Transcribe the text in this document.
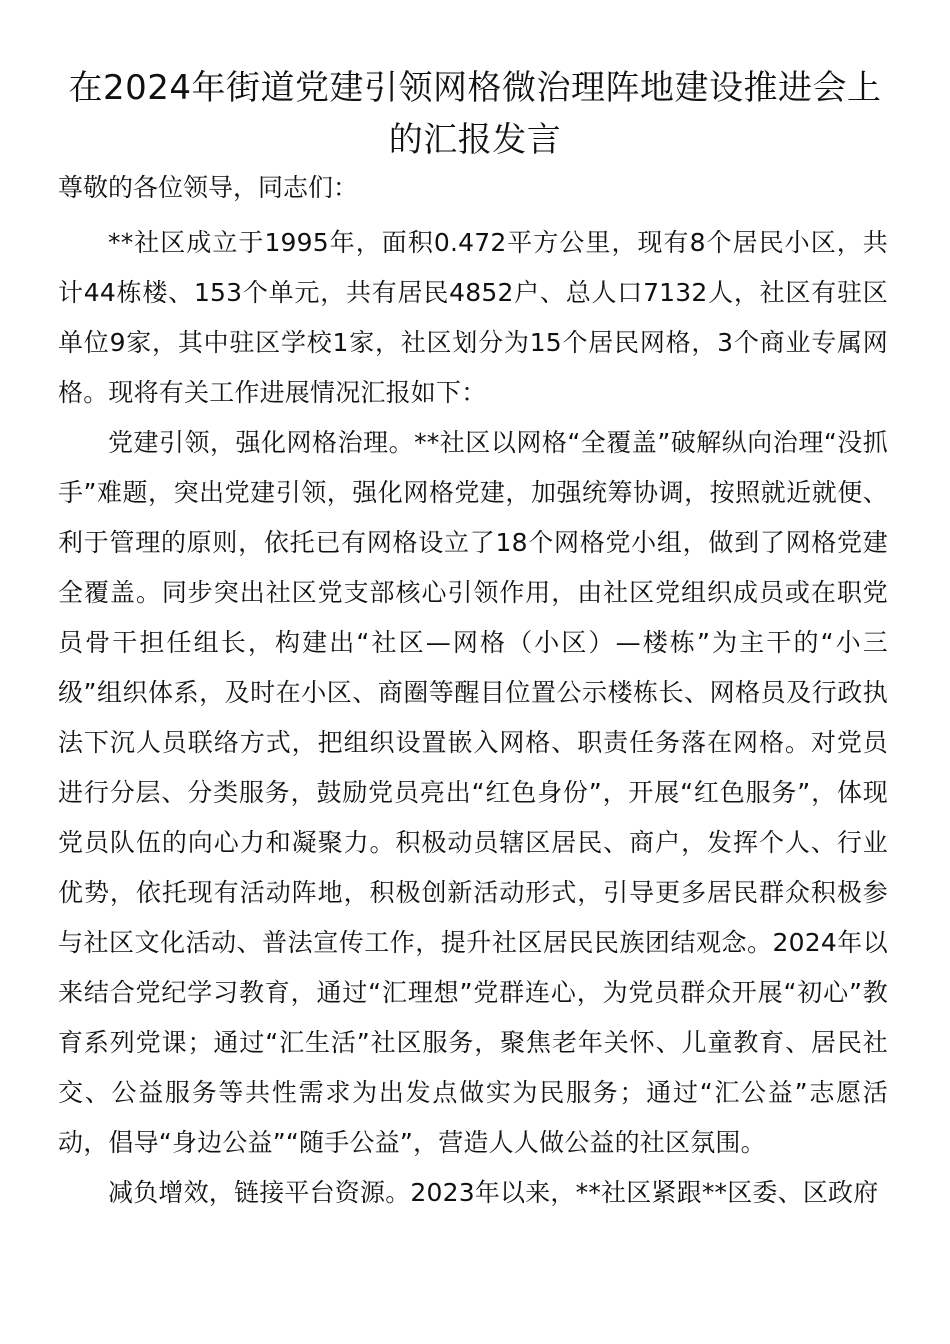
在2024年街道党建引领网格微治理阵地建设推进会上的汇报发言

尊敬的各位领导，同志们：

**社区成立于1995年，面积0.472平方公里，现有8个居民小区，共计44栋楼、153个单元，共有居民4852户、总人口7132人，社区有驻区单位9家，其中驻区学校1家，社区划分为15个居民网格，3个商业专属网格。现将有关工作进展情况汇报如下：

党建引领，强化网格治理。**社区以网格“全覆盖”破解纵向治理“没抓手”难题，突出党建引领，强化网格党建，加强统筹协调，按照就近就便、利于管理的原则，依托已有网格设立了18个网格党小组，做到了网格党建全覆盖。同步突出社区党支部核心引领作用，由社区党组织成员或在职党员骨干担任组长，构建出“社区—网格（小区）—楼栋”为主干的“小三级”组织体系，及时在小区、商圈等醒目位置公示楼栋长、网格员及行政执法下沉人员联络方式，把组织设置嵌入网格、职责任务落在网格。对党员进行分层、分类服务，鼓励党员亮出“红色身份”，开展“红色服务”，体现党员队伍的向心力和凝聚力。积极动员辖区居民、商户，发挥个人、行业优势，依托现有活动阵地，积极创新活动形式，引导更多居民群众积极参与社区文化活动、普法宣传工作，提升社区居民民族团结观念。2024年以来结合党纪学习教育，通过“汇理想”党群连心，为党员群众开展“初心”教育系列党课；通过“汇生活”社区服务，聚焦老年关怀、儿童教育、居民社交、公益服务等共性需求为出发点做实为民服务；通过“汇公益”志愿活动，倡导“身边公益”“随手公益”，营造人人做公益的社区氛围。

减负增效，链接平台资源。2023年以来，**社区紧跟**区委、区政府
